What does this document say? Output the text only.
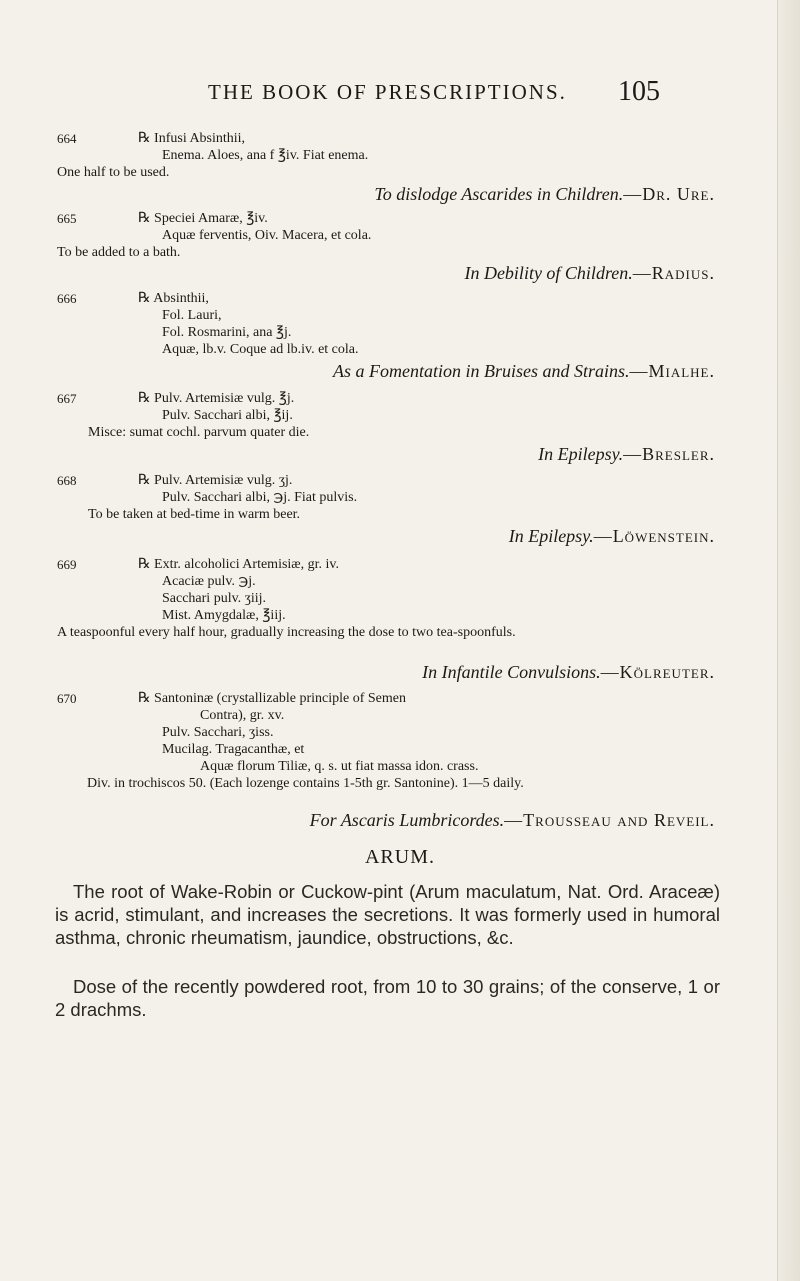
THE BOOK OF PRESCRIPTIONS.	105
664	℞ Infusi Absinthii,
Enema. Aloes, ana f ℥iv. Fiat enema.
One half to be used.
To dislodge Ascarides in Children.—Dr. Ure.
665	℞ Speciei Amaræ, ℥iv.
Aquæ ferventis, Oiv. Macera, et cola.
To be added to a bath.
In Debility of Children.—Radius.
666	℞ Absinthii,
Fol. Lauri,
Fol. Rosmarini, ana ℥j.
Aquæ, lb.v. Coque ad lb.iv. et cola.
As a Fomentation in Bruises and Strains.—Mialhe.
667	℞ Pulv. Artemisiæ vulg. ℥j.
Pulv. Sacchari albi, ℥ij.
Misce: sumat cochl. parvum quater die.
In Epilepsy.—Bresler.
668	℞ Pulv. Artemisiæ vulg. ʒj.
Pulv. Sacchari albi, ℈j. Fiat pulvis.
To be taken at bed-time in warm beer.
In Epilepsy.—Löwenstein.
669	℞ Extr. alcoholici Artemisiæ, gr. iv.
Acaciæ pulv. ℈j.
Sacchari pulv. ʒiij.
Mist. Amygdalæ, ℥iij.
A teaspoonful every half hour, gradually increasing the dose to two tea-spoonfuls.
In Infantile Convulsions.—Kölreuter.
670	℞ Santoninæ (crystallizable principle of Semen
Contra), gr. xv.
Pulv. Sacchari, ʒiss.
Mucilag. Tragacanthæ, et
Aquæ florum Tiliæ, q. s. ut fiat massa idon. crass.
Div. in trochiscos 50. (Each lozenge contains 1-5th gr. Santonine). 1—5 daily.
For Ascaris Lumbricordes.—Trousseau and Reveil.
ARUM.
The root of Wake-Robin or Cuckow-pint (Arum maculatum, Nat. Ord. Araceæ) is acrid, stimulant, and increases the secretions. It was formerly used in humoral asthma, chronic rheumatism, jaundice, obstructions, &c.
Dose of the recently powdered root, from 10 to 30 grains; of the conserve, 1 or 2 drachms.
